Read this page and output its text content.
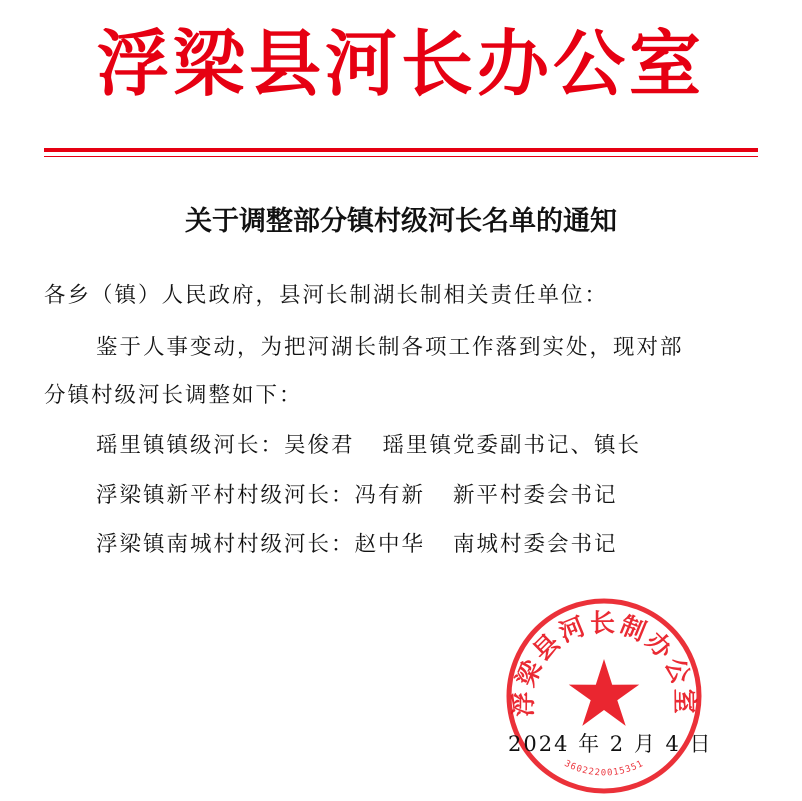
浮梁县河长办公室
关于调整部分镇村级河长名单的通知
各乡（镇）人民政府，县河长制湖长制相关责任单位：
鉴于人事变动，为把河湖长制各项工作落到实处，现对部
分镇村级河长调整如下：
瑶里镇镇级河长：吴俊君 瑶里镇党委副书记、镇长
浮梁镇新平村村级河长：冯有新 新平村委会书记
浮梁镇南城村村级河长：赵中华 南城村委会书记
浮梁县河长制办公室
3602220015351
2024 年 2 月 4 日
